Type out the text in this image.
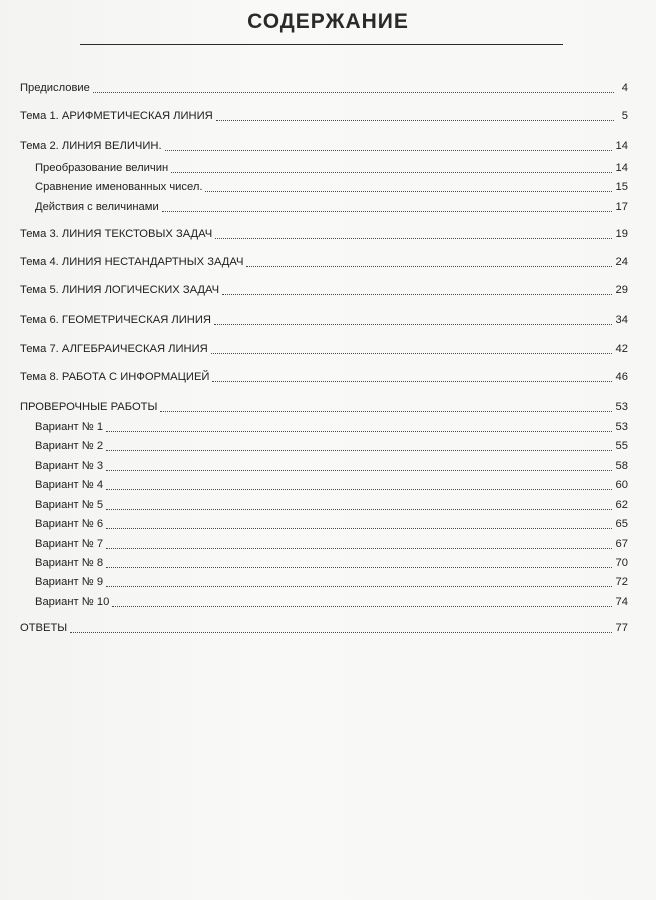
СОДЕРЖАНИЕ
Предисловие	4
Тема 1. АРИФМЕТИЧЕСКАЯ ЛИНИЯ	5
Тема 2. ЛИНИЯ ВЕЛИЧИН.	14
Преобразование величин	14
Сравнение именованных чисел.	15
Действия с величинами	17
Тема 3. ЛИНИЯ ТЕКСТОВЫХ ЗАДАЧ	19
Тема 4. ЛИНИЯ НЕСТАНДАРТНЫХ ЗАДАЧ	24
Тема 5. ЛИНИЯ ЛОГИЧЕСКИХ ЗАДАЧ	29
Тема 6. ГЕОМЕТРИЧЕСКАЯ ЛИНИЯ	34
Тема 7. АЛГЕБРАИЧЕСКАЯ ЛИНИЯ	42
Тема 8. РАБОТА С ИНФОРМАЦИЕЙ	46
ПРОВЕРОЧНЫЕ РАБОТЫ	53
Вариант № 1	53
Вариант № 2	55
Вариант № 3	58
Вариант № 4	60
Вариант № 5	62
Вариант № 6	65
Вариант № 7	67
Вариант № 8	70
Вариант № 9	72
Вариант № 10	74
ОТВЕТЫ	77
